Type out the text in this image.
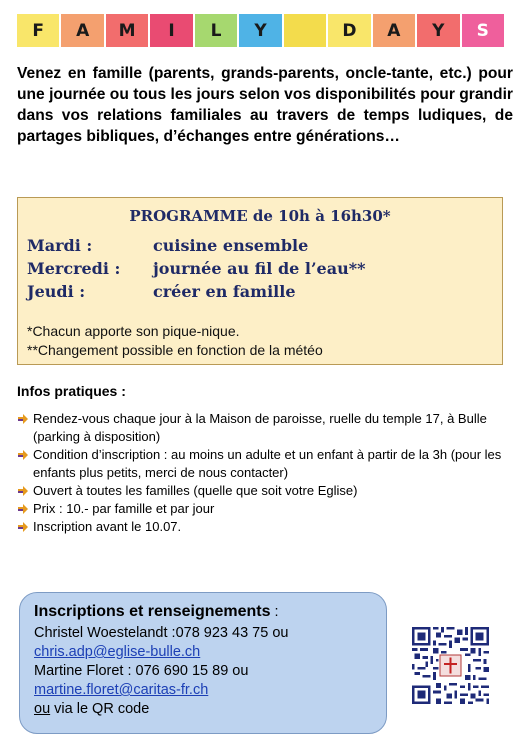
F	A	M	I	L	Y	D	A	Y	S

Venez en famille (parents, grands-parents, oncle-tante, etc.) pour une journée ou tous les jours selon vos disponibilités pour grandir dans vos relations familiales au travers de temps ludiques, de partages bibliques, d’échanges entre générations…

PROGRAMME de 10h à 16h30*
Mardi :	cuisine ensemble
Mercredi : journée au fil de l’eau**
Jeudi :	créer en famille
*Chacun apporte son pique-nique.
**Changement possible en fonction de la météo
Infos pratiques :
Rendez-vous chaque jour à la Maison de paroisse, ruelle du temple 17, à Bulle (parking à disposition)
Condition d’inscription : au moins un adulte et un enfant à partir de la 3h (pour les enfants plus petits, merci de nous contacter)
Ouvert à toutes les familles (quelle que soit votre Eglise)
Prix : 10.- par famille et par jour
Inscription avant le 10.07.
Inscriptions et renseignements :
Christel Woestelandt :078 923 43 75 ou
chris.adp@eglise-bulle.ch
Martine Floret : 076 690 15 89 ou
martine.floret@caritas-fr.ch
ou via le QR code
